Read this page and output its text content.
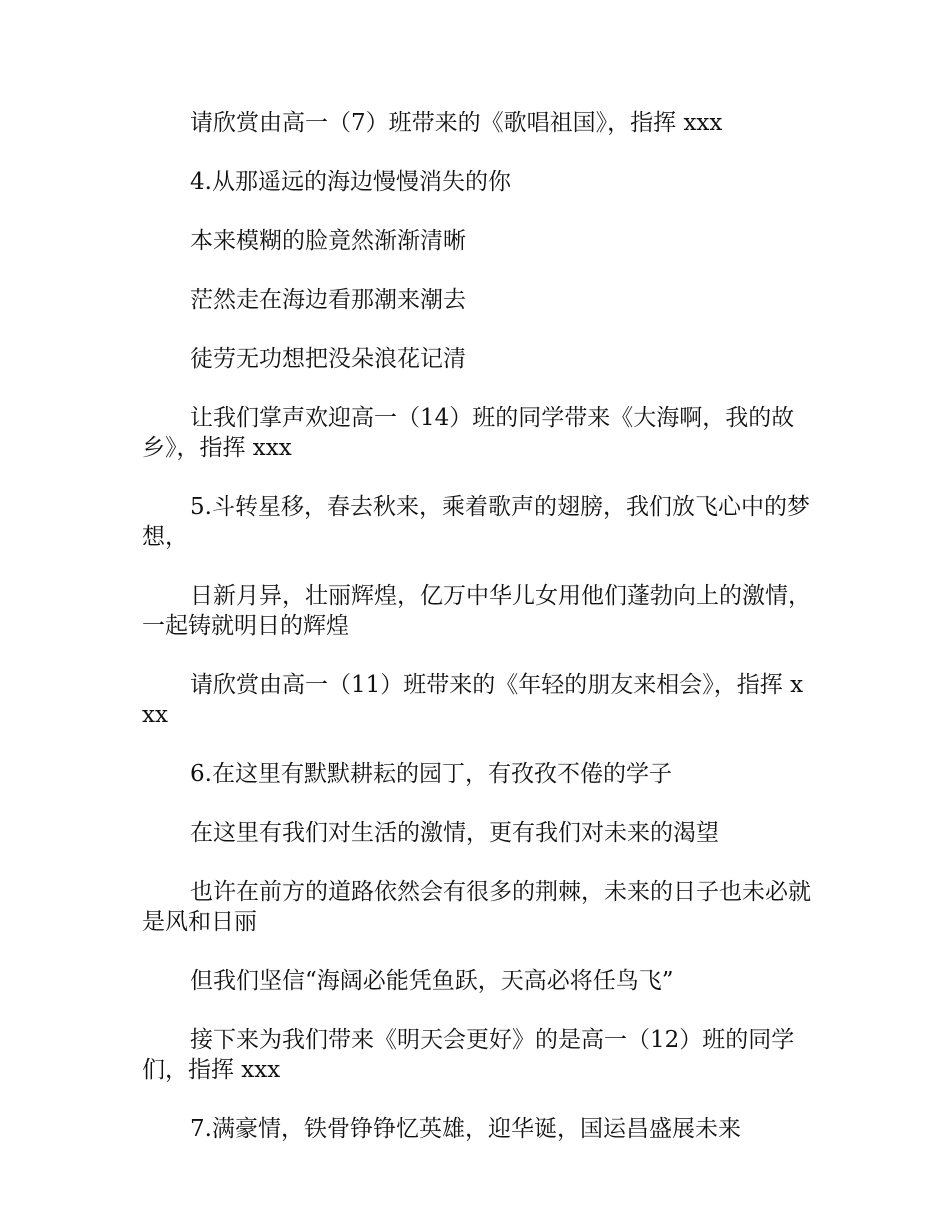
请欣赏由高一（7）班带来的《歌唱祖国》，指挥 xxx

4.从那遥远的海边慢慢消失的你

本来模糊的脸竟然渐渐清晰

茫然走在海边看那潮来潮去

徒劳无功想把没朵浪花记清

让我们掌声欢迎高一（14）班的同学带来《大海啊，我的故乡》，指挥 xxx

5.斗转星移，春去秋来，乘着歌声的翅膀，我们放飞心中的梦想，

日新月异，壮丽辉煌，亿万中华儿女用他们蓬勃向上的激情，一起铸就明日的辉煌

请欣赏由高一（11）班带来的《年轻的朋友来相会》，指挥 xxx

6.在这里有默默耕耘的园丁，有孜孜不倦的学子

在这里有我们对生活的激情，更有我们对未来的渴望

也许在前方的道路依然会有很多的荆棘，未来的日子也未必就是风和日丽

但我们坚信“海阔必能凭鱼跃，天高必将任鸟飞”

接下来为我们带来《明天会更好》的是高一（12）班的同学们，指挥 xxx

7.满豪情，铁骨铮铮忆英雄，迎华诞，国运昌盛展未来
